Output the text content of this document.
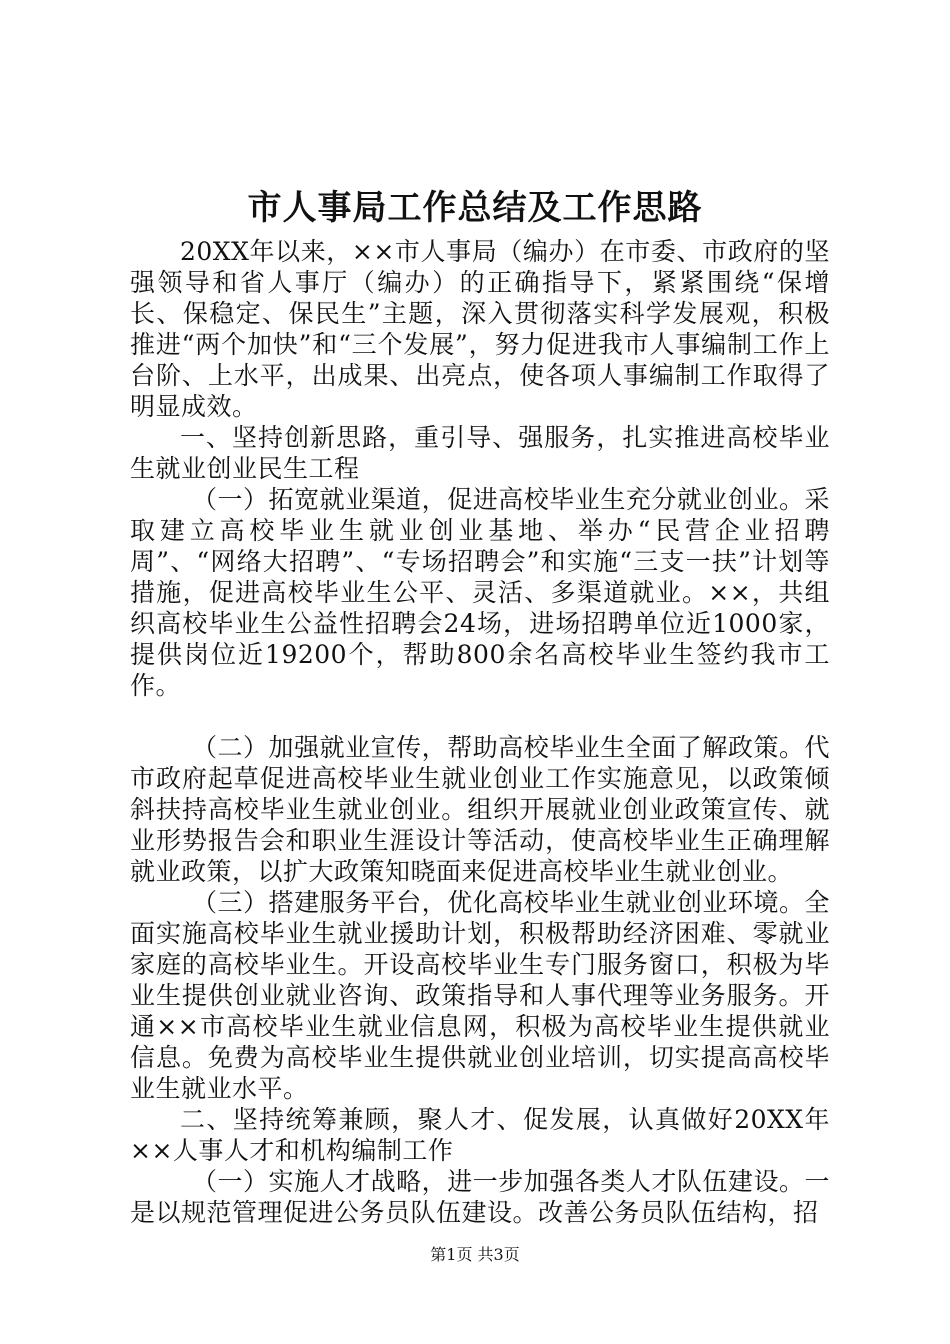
市人事局工作总结及工作思路

20XX年以来，××市人事局（编办）在市委、市政府的坚强领导和省人事厅（编办）的正确指导下，紧紧围绕“保增长、保稳定、保民生”主题，深入贯彻落实科学发展观，积极推进“两个加快”和“三个发展”，努力促进我市人事编制工作上台阶、上水平，出成果、出亮点，使各项人事编制工作取得了明显成效。

一、坚持创新思路，重引导、强服务，扎实推进高校毕业生就业创业民生工程

（一）拓宽就业渠道，促进高校毕业生充分就业创业。采取建立高校毕业生就业创业基地、举办“民营企业招聘周”、“网络大招聘”、“专场招聘会”和实施“三支一扶”计划等措施，促进高校毕业生公平、灵活、多渠道就业。××，共组织高校毕业生公益性招聘会24场，进场招聘单位近1000家，提供岗位近19200个，帮助800余名高校毕业生签约我市工作。

（二）加强就业宣传，帮助高校毕业生全面了解政策。代市政府起草促进高校毕业生就业创业工作实施意见，以政策倾斜扶持高校毕业生就业创业。组织开展就业创业政策宣传、就业形势报告会和职业生涯设计等活动，使高校毕业生正确理解就业政策，以扩大政策知晓面来促进高校毕业生就业创业。

（三）搭建服务平台，优化高校毕业生就业创业环境。全面实施高校毕业生就业援助计划，积极帮助经济困难、零就业家庭的高校毕业生。开设高校毕业生专门服务窗口，积极为毕业生提供创业就业咨询、政策指导和人事代理等业务服务。开通××市高校毕业生就业信息网，积极为高校毕业生提供就业信息。免费为高校毕业生提供就业创业培训，切实提高高校毕业生就业水平。

二、坚持统筹兼顾，聚人才、促发展，认真做好20XX年××人事人才和机构编制工作

（一）实施人才战略，进一步加强各类人才队伍建设。一是以规范管理促进公务员队伍建设。改善公务员队伍结构，招

第1页 共3页
